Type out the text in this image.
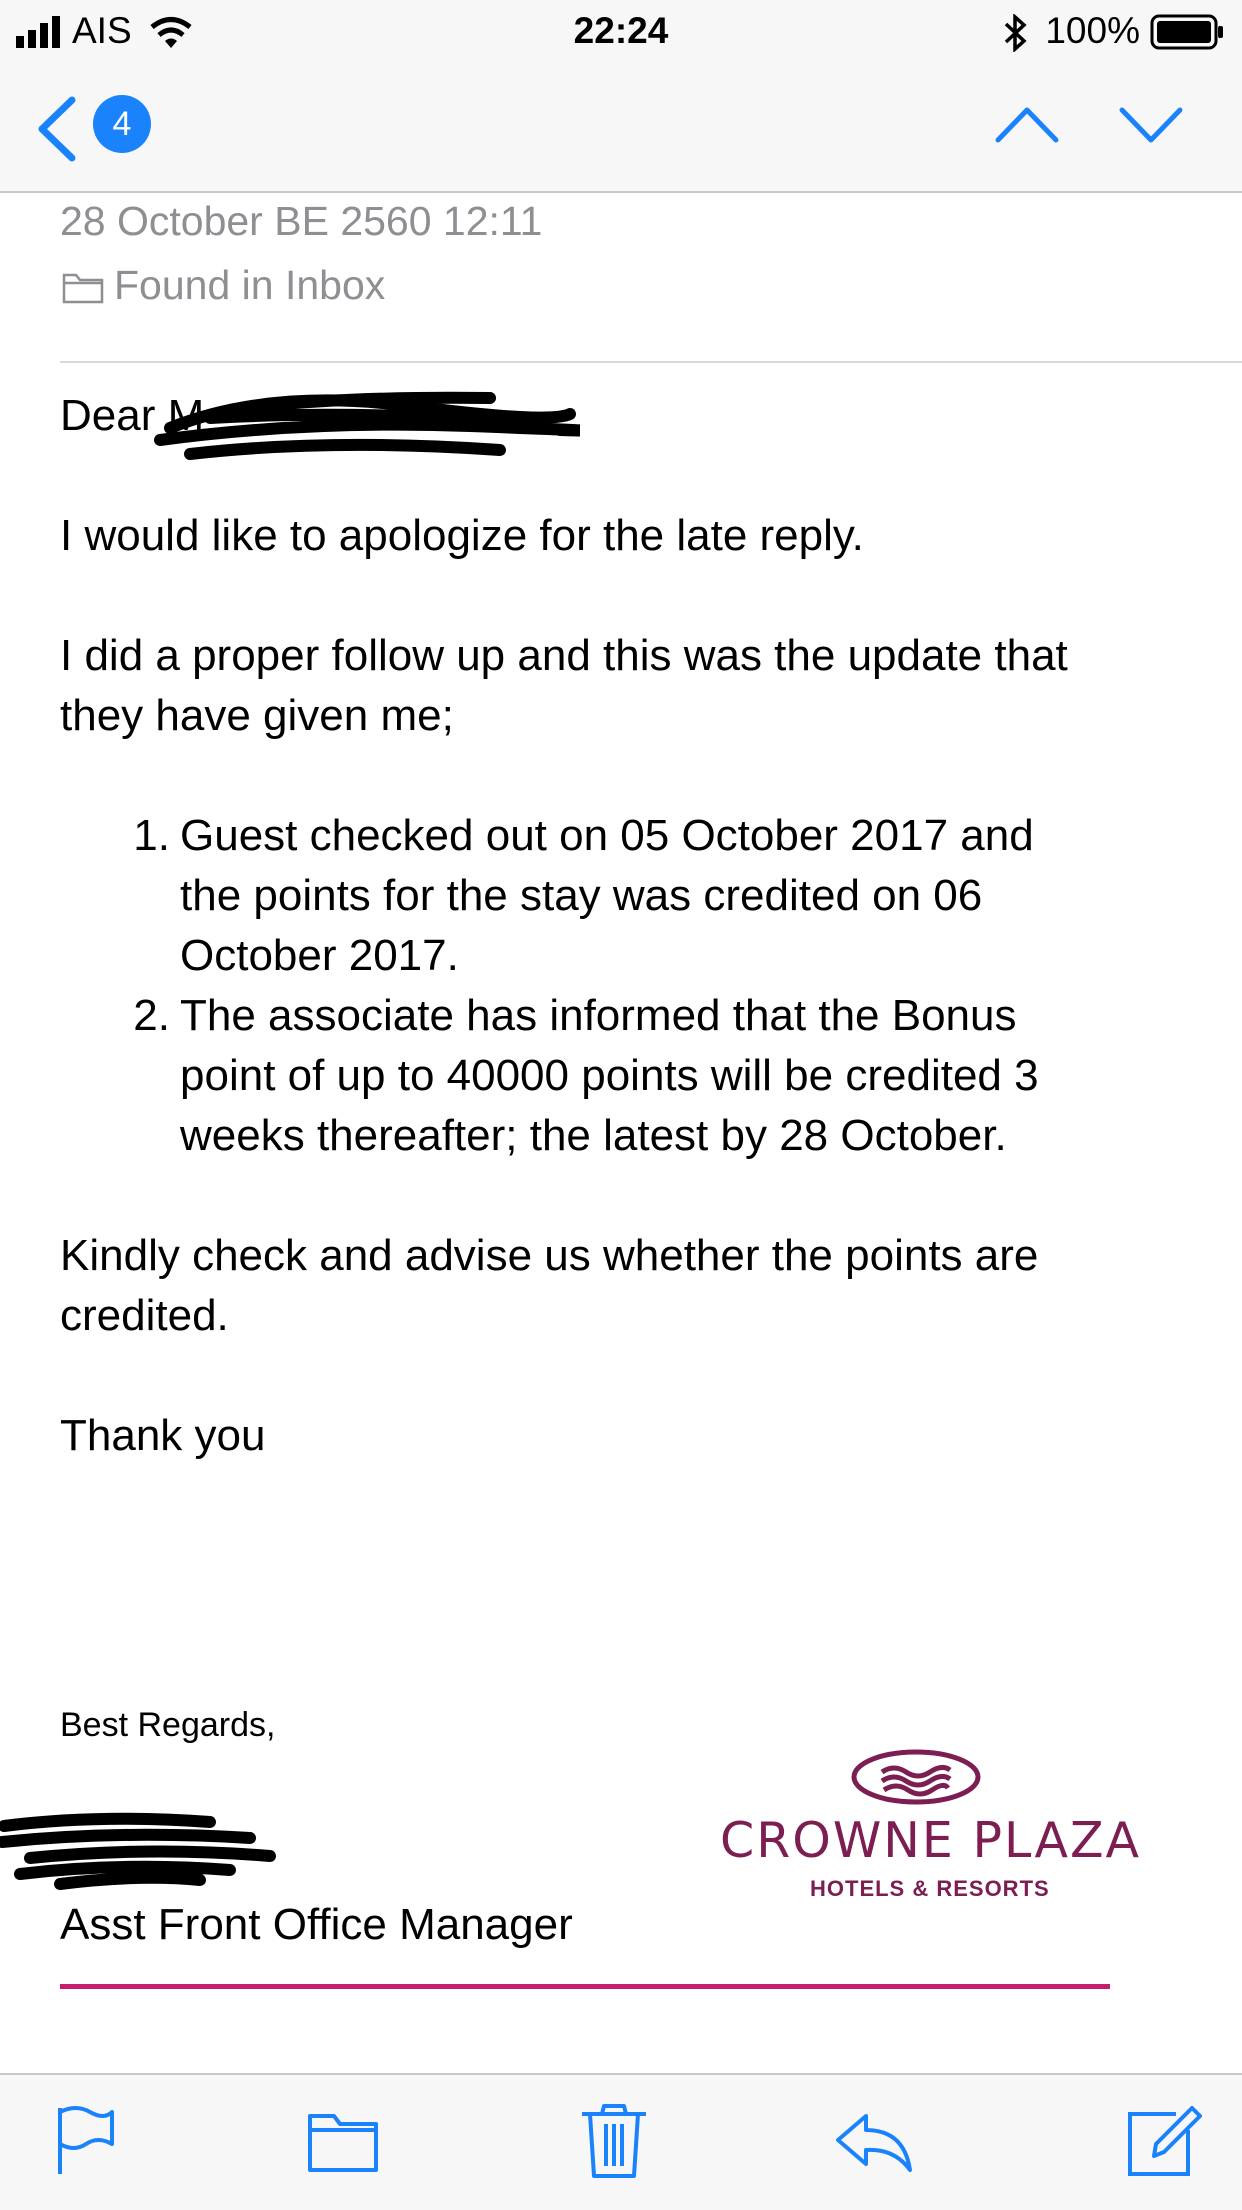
AIS	22:24	100%
4
28 October BE 2560 12:11
Found in Inbox
Dear M
I would like to apologize for the late reply.
I did a proper follow up and this was the update that
they have given me;
1. Guest checked out on 05 October 2017 and
the points for the stay was credited on 06
October 2017.
2. The associate has informed that the Bonus
point of up to 40000 points will be credited 3
weeks thereafter; the latest by 28 October.
Kindly check and advise us whether the points are
credited.
Thank you
Best Regards,
Asst Front Office Manager
CROWNE PLAZA
HOTELS & RESORTS
